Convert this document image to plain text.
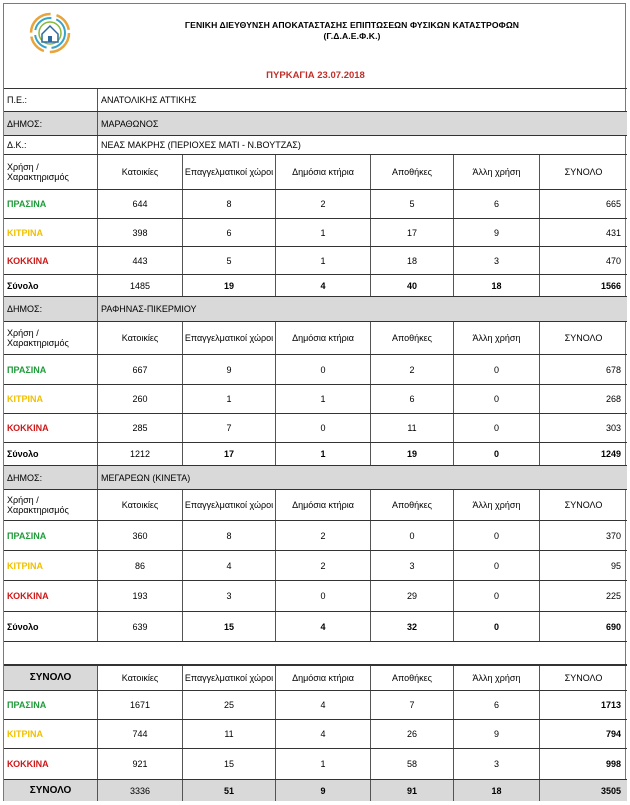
ΓΕΝΙΚΗ ΔΙΕΥΘΥΝΣΗ ΑΠΟΚΑΤΑΣΤΑΣΗΣ ΕΠΙΠΤΩΣΕΩΝ ΦΥΣΙΚΩΝ ΚΑΤΑΣΤΡΟΦΩΝ
(Γ.Δ.Α.Ε.Φ.Κ.)
ΠΥΡΚΑΓΙΑ 23.07.2018
Π.Ε.:	ΑΝΑΤΟΛΙΚΗΣ ΑΤΤΙΚΗΣ
ΔΗΜΟΣ:	ΜΑΡΑΘΩΝΟΣ
Δ.Κ.:	ΝΕΑΣ ΜΑΚΡΗΣ (ΠΕΡΙΟΧΕΣ ΜΑΤΙ - Ν.ΒΟΥΤΖΑΣ)
Χρήση / Χαρακτηρισμός	Κατοικίες	Επαγγελματικοί χώροι	Δημόσια κτήρια	Αποθήκες	Άλλη χρήση	ΣΥΝΟΛΟ
ΠΡΑΣΙΝΑ	644	8	2	5	6	665
ΚΙΤΡΙΝΑ	398	6	1	17	9	431
ΚΟΚΚΙΝΑ	443	5	1	18	3	470
Σύνολο	1485	19	4	40	18	1566
ΔΗΜΟΣ:	ΡΑΦΗΝΑΣ-ΠΙΚΕΡΜΙΟΥ
Χρήση / Χαρακτηρισμός	Κατοικίες	Επαγγελματικοί χώροι	Δημόσια κτήρια	Αποθήκες	Άλλη χρήση	ΣΥΝΟΛΟ
ΠΡΑΣΙΝΑ	667	9	0	2	0	678
ΚΙΤΡΙΝΑ	260	1	1	6	0	268
ΚΟΚΚΙΝΑ	285	7	0	11	0	303
Σύνολο	1212	17	1	19	0	1249
ΔΗΜΟΣ:	ΜΕΓΑΡΕΩΝ (ΚΙΝΕΤΑ)
Χρήση / Χαρακτηρισμός	Κατοικίες	Επαγγελματικοί χώροι	Δημόσια κτήρια	Αποθήκες	Άλλη χρήση	ΣΥΝΟΛΟ
ΠΡΑΣΙΝΑ	360	8	2	0	0	370
ΚΙΤΡΙΝΑ	86	4	2	3	0	95
ΚΟΚΚΙΝΑ	193	3	0	29	0	225
Σύνολο	639	15	4	32	0	690
ΣΥΝΟΛΟ	Κατοικίες	Επαγγελματικοί χώροι	Δημόσια κτήρια	Αποθήκες	Άλλη χρήση	ΣΥΝΟΛΟ
ΠΡΑΣΙΝΑ	1671	25	4	7	6	1713
ΚΙΤΡΙΝΑ	744	11	4	26	9	794
ΚΟΚΚΙΝΑ	921	15	1	58	3	998
ΣΥΝΟΛΟ	3336	51	9	91	18	3505
